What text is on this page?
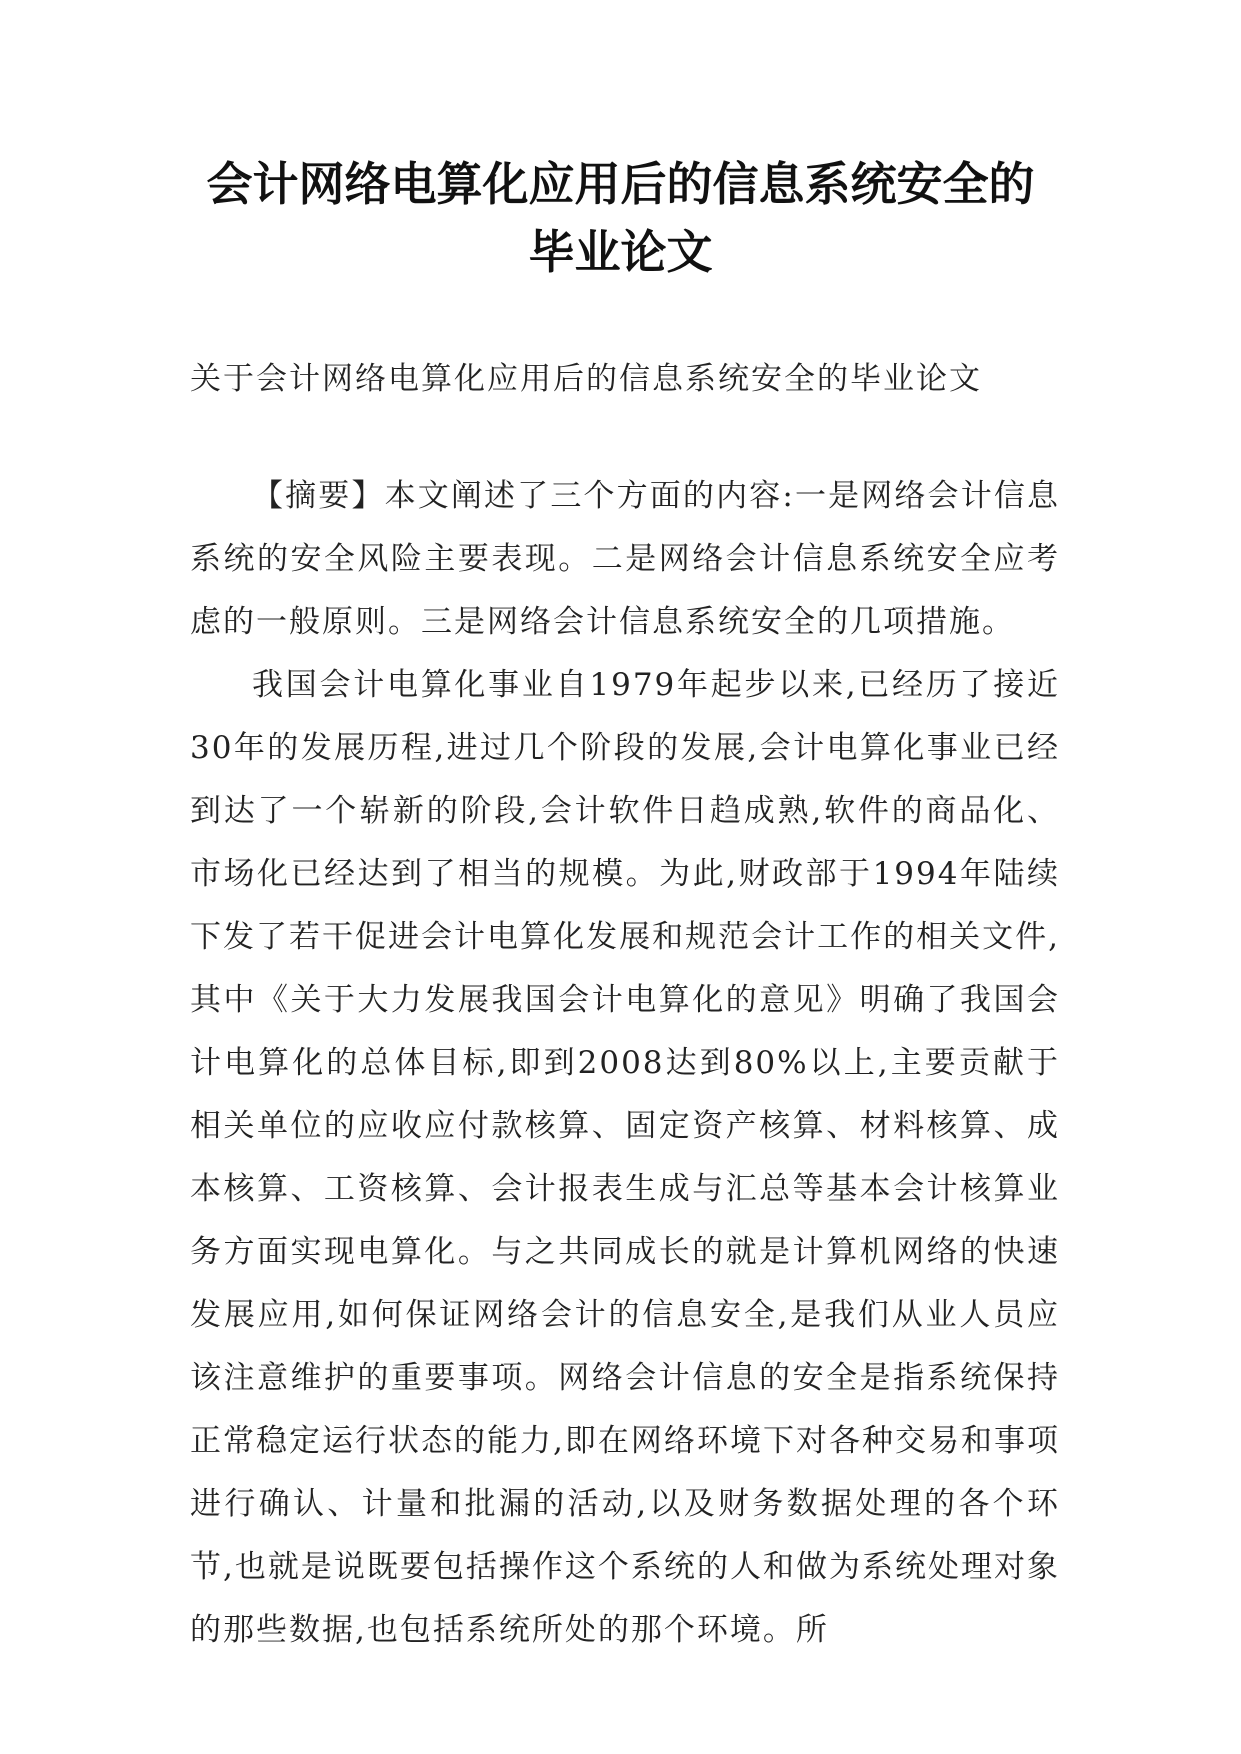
会计网络电算化应用后的信息系统安全的
毕业论文

关于会计网络电算化应用后的信息系统安全的毕业论文

【摘要】本文阐述了三个方面的内容:一是网络会计信息系统的安全风险主要表现。二是网络会计信息系统安全应考虑的一般原则。三是网络会计信息系统安全的几项措施。

我国会计电算化事业自1979年起步以来,已经历了接近30年的发展历程,进过几个阶段的发展,会计电算化事业已经到达了一个崭新的阶段,会计软件日趋成熟,软件的商品化、市场化已经达到了相当的规模。为此,财政部于1994年陆续下发了若干促进会计电算化发展和规范会计工作的相关文件,其中《关于大力发展我国会计电算化的意见》明确了我国会计电算化的总体目标,即到2008达到80%以上,主要贡献于相关单位的应收应付款核算、固定资产核算、材料核算、成本核算、工资核算、会计报表生成与汇总等基本会计核算业务方面实现电算化。与之共同成长的就是计算机网络的快速发展应用,如何保证网络会计的信息安全,是我们从业人员应该注意维护的重要事项。网络会计信息的安全是指系统保持正常稳定运行状态的能力,即在网络环境下对各种交易和事项进行确认、计量和批漏的活动,以及财务数据处理的各个环节,也就是说既要包括操作这个系统的人和做为系统处理对象的那些数据,也包括系统所处的那个环境。所
